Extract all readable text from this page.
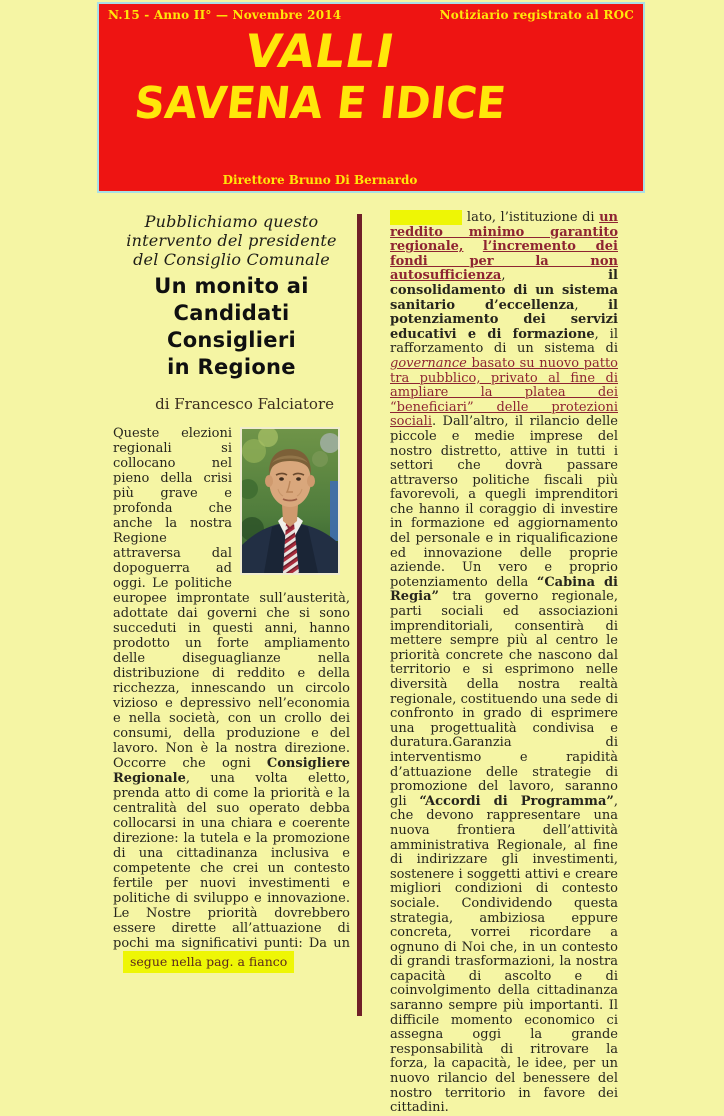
N.15 - Anno II° — Novembre 2014	Notiziario registrato al ROC
VALLI
SAVENA E IDICE
Direttore Bruno Di Bernardo
Pubblichiamo questo intervento del presidente del Consiglio Comunale
Un monito ai
Candidati Consiglieri
in Regione
di Francesco Falciatore
Queste elezioni regionali si collocano nel pieno della crisi più grave e profonda che anche la nostra Regione attraversa dal dopoguerra ad oggi. Le politiche europee improntate sull’austerità, adottate dai governi che si sono succeduti in questi anni, hanno prodotto un forte ampliamento delle diseguaglianze nella distribuzione di reddito e della ricchezza, innescando un circolo vizioso e depressivo nell’economia e nella società, con un crollo dei consumi, della produzione e del lavoro. Non è la nostra direzione. Occorre che ogni Consigliere Regionale, una volta eletto, prenda atto di come la priorità e la centralità del suo operato debba collocarsi in una chiara e coerente direzione: la tutela e la promozione di una cittadinanza inclusiva e competente che crei un contesto fertile per nuovi investimenti e politiche di sviluppo e innovazione. Le Nostre priorità dovrebbero essere dirette all’attuazione di pochi ma significativi punti: Da unsegue nella pag. a fianco
lato, l’istituzione di un reddito minimo garantito regionale, l’incremento dei fondi per la non autosufficienza, il consolidamento di un sistema sanitario d’eccellenza, il potenziamento dei servizi educativi e di formazione, il rafforzamento di un sistema di governance basato su nuovo patto tra pubblico, privato al fine di ampliare la platea dei “beneficiari” delle protezioni sociali. Dall’altro, il rilancio delle piccole e medie imprese del nostro distretto, attive in tutti i settori che dovrà passare attraverso politiche fiscali più favorevoli, a quegli imprenditori che hanno il coraggio di investire in formazione ed aggiornamento del personale e in riqualificazione ed innovazione delle proprie aziende. Un vero e proprio potenziamento della “Cabina di Regia” tra governo regionale, parti sociali ed associazioni imprenditoriali, consentirà di mettere sempre più al centro le priorità concrete che nascono dal territorio e si esprimono nelle diversità della nostra realtà regionale, costituendo una sede di confronto in grado di esprimere una progettualità condivisa e duratura.Garanzia di interventismo e rapidità d’attuazione delle strategie di promozione del lavoro, saranno gli “Accordi di Programma”, che devono rappresentare una nuova frontiera dell’attività amministrativa Regionale, al fine di indirizzare gli investimenti, sostenere i soggetti attivi e creare migliori condizioni di contesto sociale. Condividendo questa strategia, ambiziosa eppure concreta, vorrei ricordare a ognuno di Noi che, in un contesto di grandi trasformazioni, la nostra capacità di ascolto e di coinvolgimento della cittadinanza saranno sempre più importanti. Il difficile momento economico ci assegna oggi la grande responsabilità di ritrovare la forza, la capacità, le idee, per un nuovo rilancio del benessere del nostro territorio in favore dei cittadini.
